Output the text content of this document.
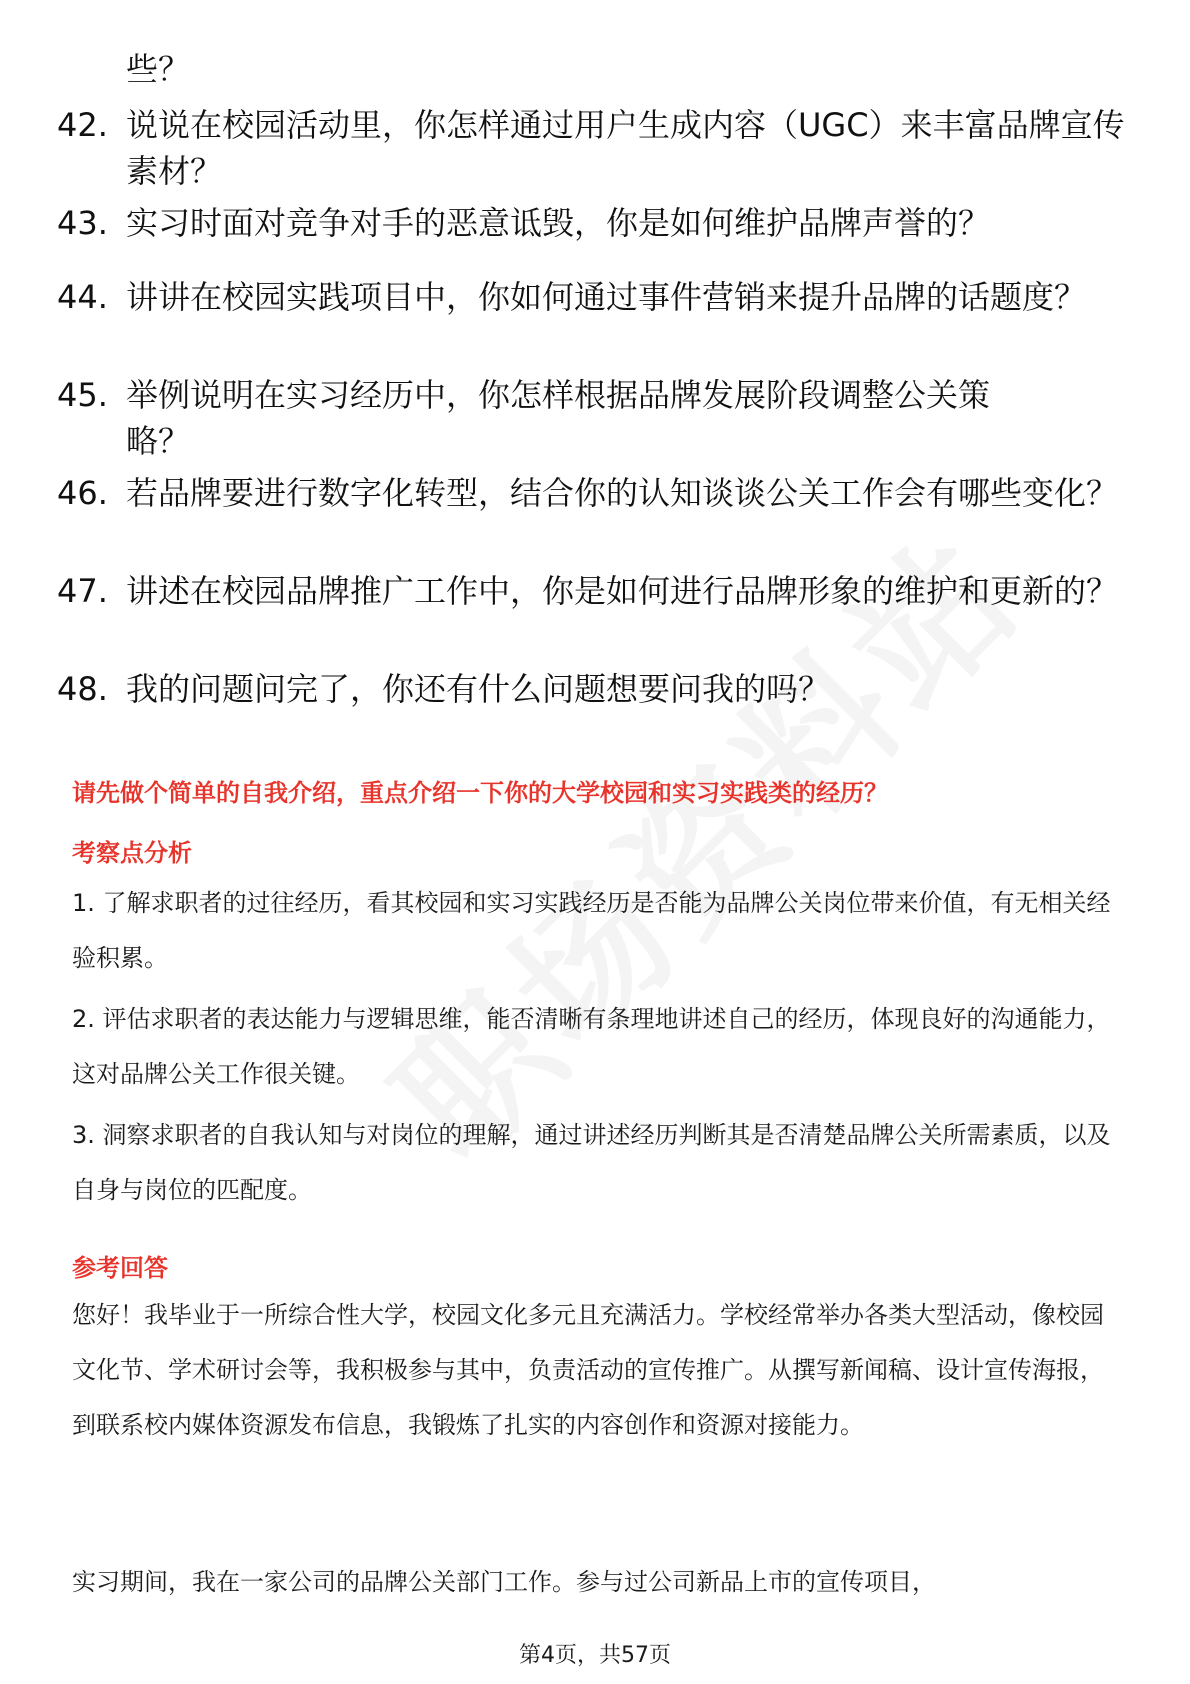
些？

42. 说说在校园活动里，你怎样通过用户生成内容（UGC）来丰富品牌宣传素材？
43. 实习时面对竞争对手的恶意诋毁，你是如何维护品牌声誉的？
44. 讲讲在校园实践项目中，你如何通过事件营销来提升品牌的话题度？
45. 举例说明在实习经历中，你怎样根据品牌发展阶段调整公关策略？
46. 若品牌要进行数字化转型，结合你的认知谈谈公关工作会有哪些变化？
47. 讲述在校园品牌推广工作中，你是如何进行品牌形象的维护和更新的？
48. 我的问题问完了，你还有什么问题想要问我的吗？

请先做个简单的自我介绍，重点介绍一下你的大学校园和实习实践类的经历？

考察点分析

1. 了解求职者的过往经历，看其校园和实习实践经历是否能为品牌公关岗位带来价值，有无相关经验积累。

2. 评估求职者的表达能力与逻辑思维，能否清晰有条理地讲述自己的经历，体现良好的沟通能力，这对品牌公关工作很关键。

3. 洞察求职者的自我认知与对岗位的理解，通过讲述经历判断其是否清楚品牌公关所需素质，以及自身与岗位的匹配度。

参考回答

您好！我毕业于一所综合性大学，校园文化多元且充满活力。学校经常举办各类大型活动，像校园文化节、学术研讨会等，我积极参与其中，负责活动的宣传推广。从撰写新闻稿、设计宣传海报，到联系校内媒体资源发布信息，我锻炼了扎实的内容创作和资源对接能力。

实习期间，我在一家公司的品牌公关部门工作。参与过公司新品上市的宣传项目，

第4页，共57页
